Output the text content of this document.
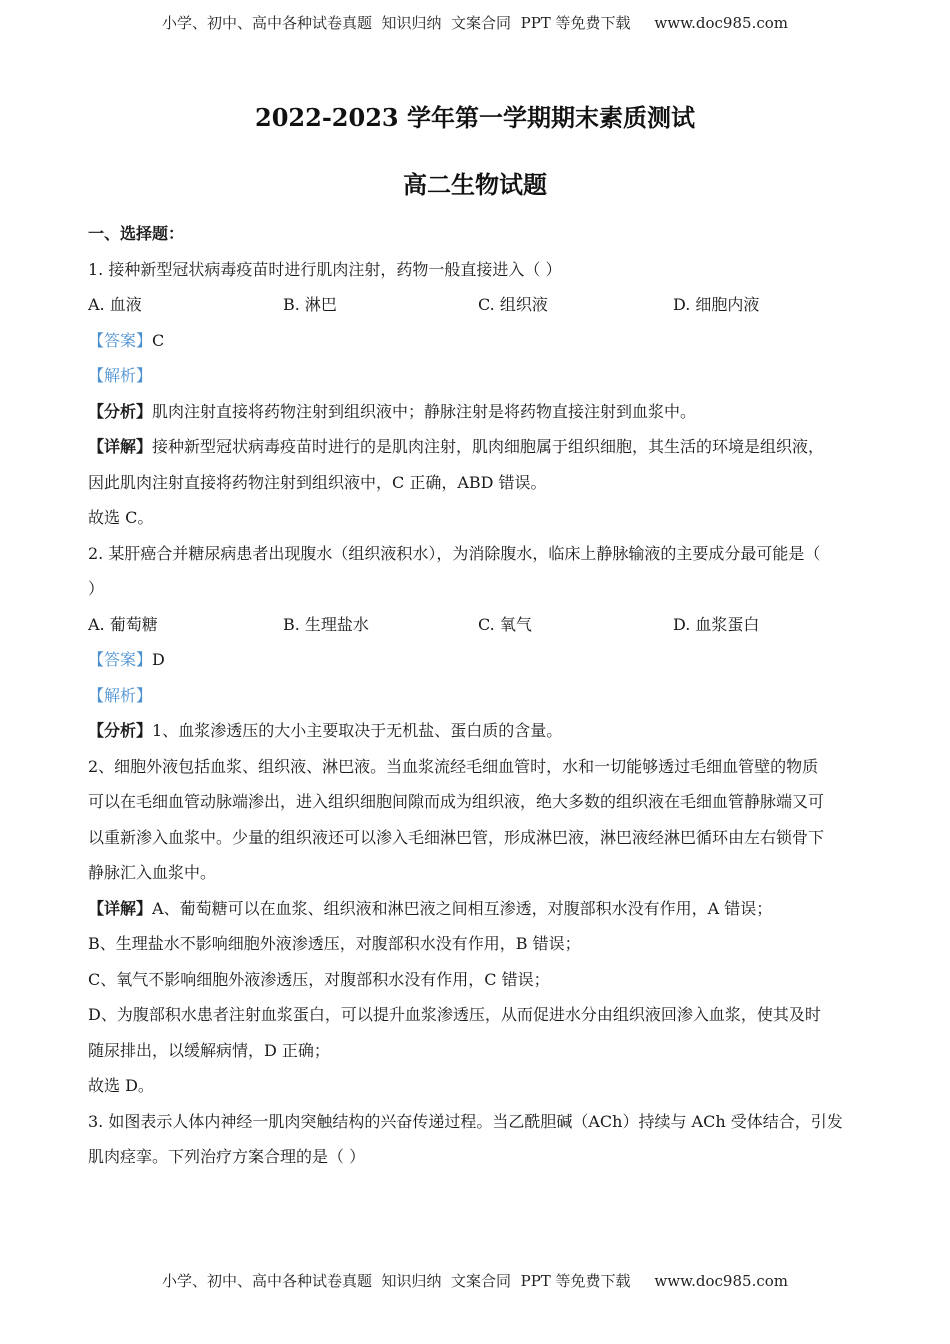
小学、初中、高中各种试卷真题  知识归纳  文案合同  PPT 等免费下载     www.doc985.com
2022-2023 学年第一学期期末素质测试
高二生物试题
一、选择题：
1. 接种新型冠状病毒疫苗时进行肌肉注射，药物一般直接进入（ ）
A. 血液	B. 淋巴	C. 组织液	D. 细胞内液
【答案】C
【解析】
【分析】肌肉注射直接将药物注射到组织液中；静脉注射是将药物直接注射到血浆中。
【详解】接种新型冠状病毒疫苗时进行的是肌肉注射，肌肉细胞属于组织细胞，其生活的环境是组织液，
因此肌肉注射直接将药物注射到组织液中，C 正确，ABD 错误。
故选 C。
2. 某肝癌合并糖尿病患者出现腹水（组织液积水），为消除腹水，临床上静脉输液的主要成分最可能是（
）
A. 葡萄糖	B. 生理盐水	C. 氧气	D. 血浆蛋白
【答案】D
【解析】
【分析】1、血浆渗透压的大小主要取决于无机盐、蛋白质的含量。
2、细胞外液包括血浆、组织液、淋巴液。当血浆流经毛细血管时，水和一切能够透过毛细血管壁的物质
可以在毛细血管动脉端渗出，进入组织细胞间隙而成为组织液，绝大多数的组织液在毛细血管静脉端又可
以重新渗入血浆中。少量的组织液还可以渗入毛细淋巴管，形成淋巴液，淋巴液经淋巴循环由左右锁骨下
静脉汇入血浆中。
【详解】A、葡萄糖可以在血浆、组织液和淋巴液之间相互渗透，对腹部积水没有作用，A 错误；
B、生理盐水不影响细胞外液渗透压，对腹部积水没有作用，B 错误；
C、氧气不影响细胞外液渗透压，对腹部积水没有作用，C 错误；
D、为腹部积水患者注射血浆蛋白，可以提升血浆渗透压，从而促进水分由组织液回渗入血浆，使其及时
随尿排出，以缓解病情，D 正确；
故选 D。
3. 如图表示人体内神经一肌肉突触结构的兴奋传递过程。当乙酰胆碱（ACh）持续与 ACh 受体结合，引发
肌肉痉挛。下列治疗方案合理的是（ ）
小学、初中、高中各种试卷真题  知识归纳  文案合同  PPT 等免费下载     www.doc985.com
